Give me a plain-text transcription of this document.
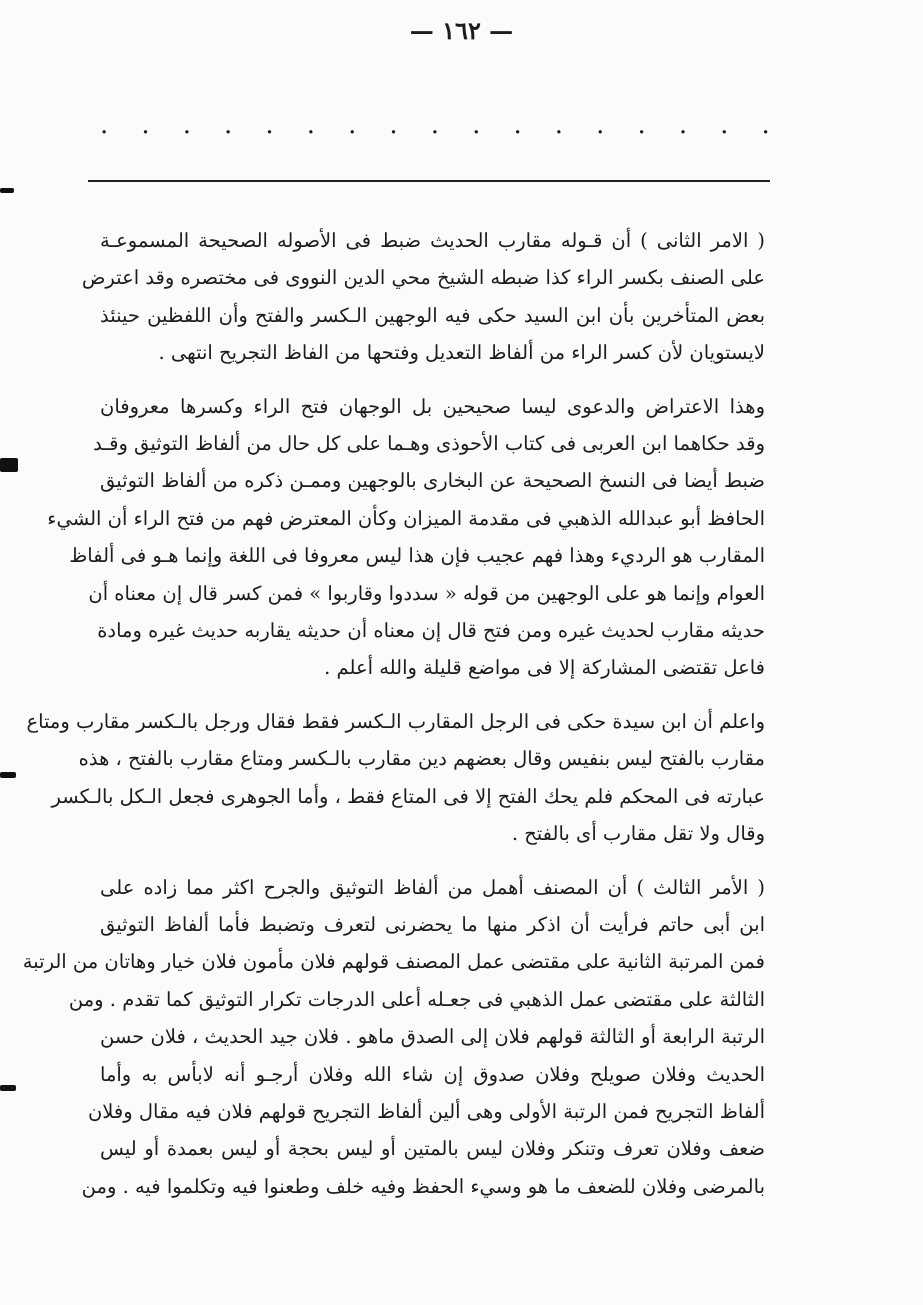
— ١٦٢ —
. . . . . . . . . . . . . . . . .
( الامر الثانى ) أن قـوله مقارب الحديث ضبط فى الأصوله الصحيحة المسموعـة
على الصنف بكسر الراء كذا ضبطه الشيخ محي الدين النووى فى مختصره وقد اعترض
بعض المتأخرين بأن ابن السيد حكى فيه الوجهين الـكسر والفتح وأن اللفظين حينئذ
لايستويان لأن كسر الراء من ألفاظ التعديل وفتحها من الفاظ التجريح انتهى .
وهذا الاعتراض والدعوى ليسا صحيحين بل الوجهان فتح الراء وكسرها معروفان
وقد حكاهما ابن العربى فى كتاب الأحوذى وهـما على كل حال من ألفاظ التوثيق وقـد
ضبط أيضا فى النسخ الصحيحة عن البخارى بالوجهين وممـن ذكره من ألفاظ التوثيق
الحافظ أبو عبدالله الذهبي فى مقدمة الميزان وكأن المعترض فهم من فتح الراء أن الشيء
المقارب هو الرديء وهذا فهم عجيب فإن هذا ليس معروفا فى اللغة وإنما هـو فى ألفاظ
العوام وإنما هو على الوجهين من قوله « سددوا وقاربوا » فمن كسر قال إن معناه أن
حديثه مقارب لحديث غيره ومن فتح قال إن معناه أن حديثه يقاربه حديث غيره ومادة
فاعل تقتضى المشاركة إلا فى مواضع قليلة والله أعلم .
واعلم أن ابن سيدة حكى فى الرجل المقارب الـكسر فقط فقال ورجل بالـكسر مقارب ومتاع
مقارب بالفتح ليس بنفيس وقال بعضهم دين مقارب بالـكسر ومتاع مقارب بالفتح ، هذه
عبارته فى المحكم فلم يحك الفتح إلا فى المتاع فقط ، وأما الجوهرى فجعل الـكل بالـكسر
وقال ولا تقل مقارب أى بالفتح .
( الأمر الثالث ) أن المصنف أهمل من ألفاظ التوثيق والجرح اكثر مما زاده على
ابن أبى حاتم فرأيت أن اذكر منها ما يحضرنى لتعرف وتضبط فأما ألفاظ التوثيق
فمن المرتبة الثانية على مقتضى عمل المصنف قولهم فلان مأمون فلان خيار وهاتان من الرتبة
الثالثة على مقتضى عمل الذهبي فى جعـله أعلى الدرجات تكرار التوثيق كما تقدم . ومن
الرتبة الرابعة أو الثالثة قولهم فلان إلى الصدق ماهو . فلان جيد الحديث ، فلان حسن
الحديث وفلان صويلح وفلان صدوق إن شاء الله وفلان أرجـو أنه لابأس به وأما
ألفاظ التجريح فمن الرتبة الأولى وهى ألين ألفاظ التجريح قولهم فلان فيه مقال وفلان
ضعف وفلان تعرف وتنكر وفلان ليس بالمتين أو ليس بحجة أو ليس بعمدة أو ليس
بالمرضى وفلان للضعف ما هو وسيء الحفظ وفيه خلف وطعنوا فيه وتكلموا فيه . ومن
